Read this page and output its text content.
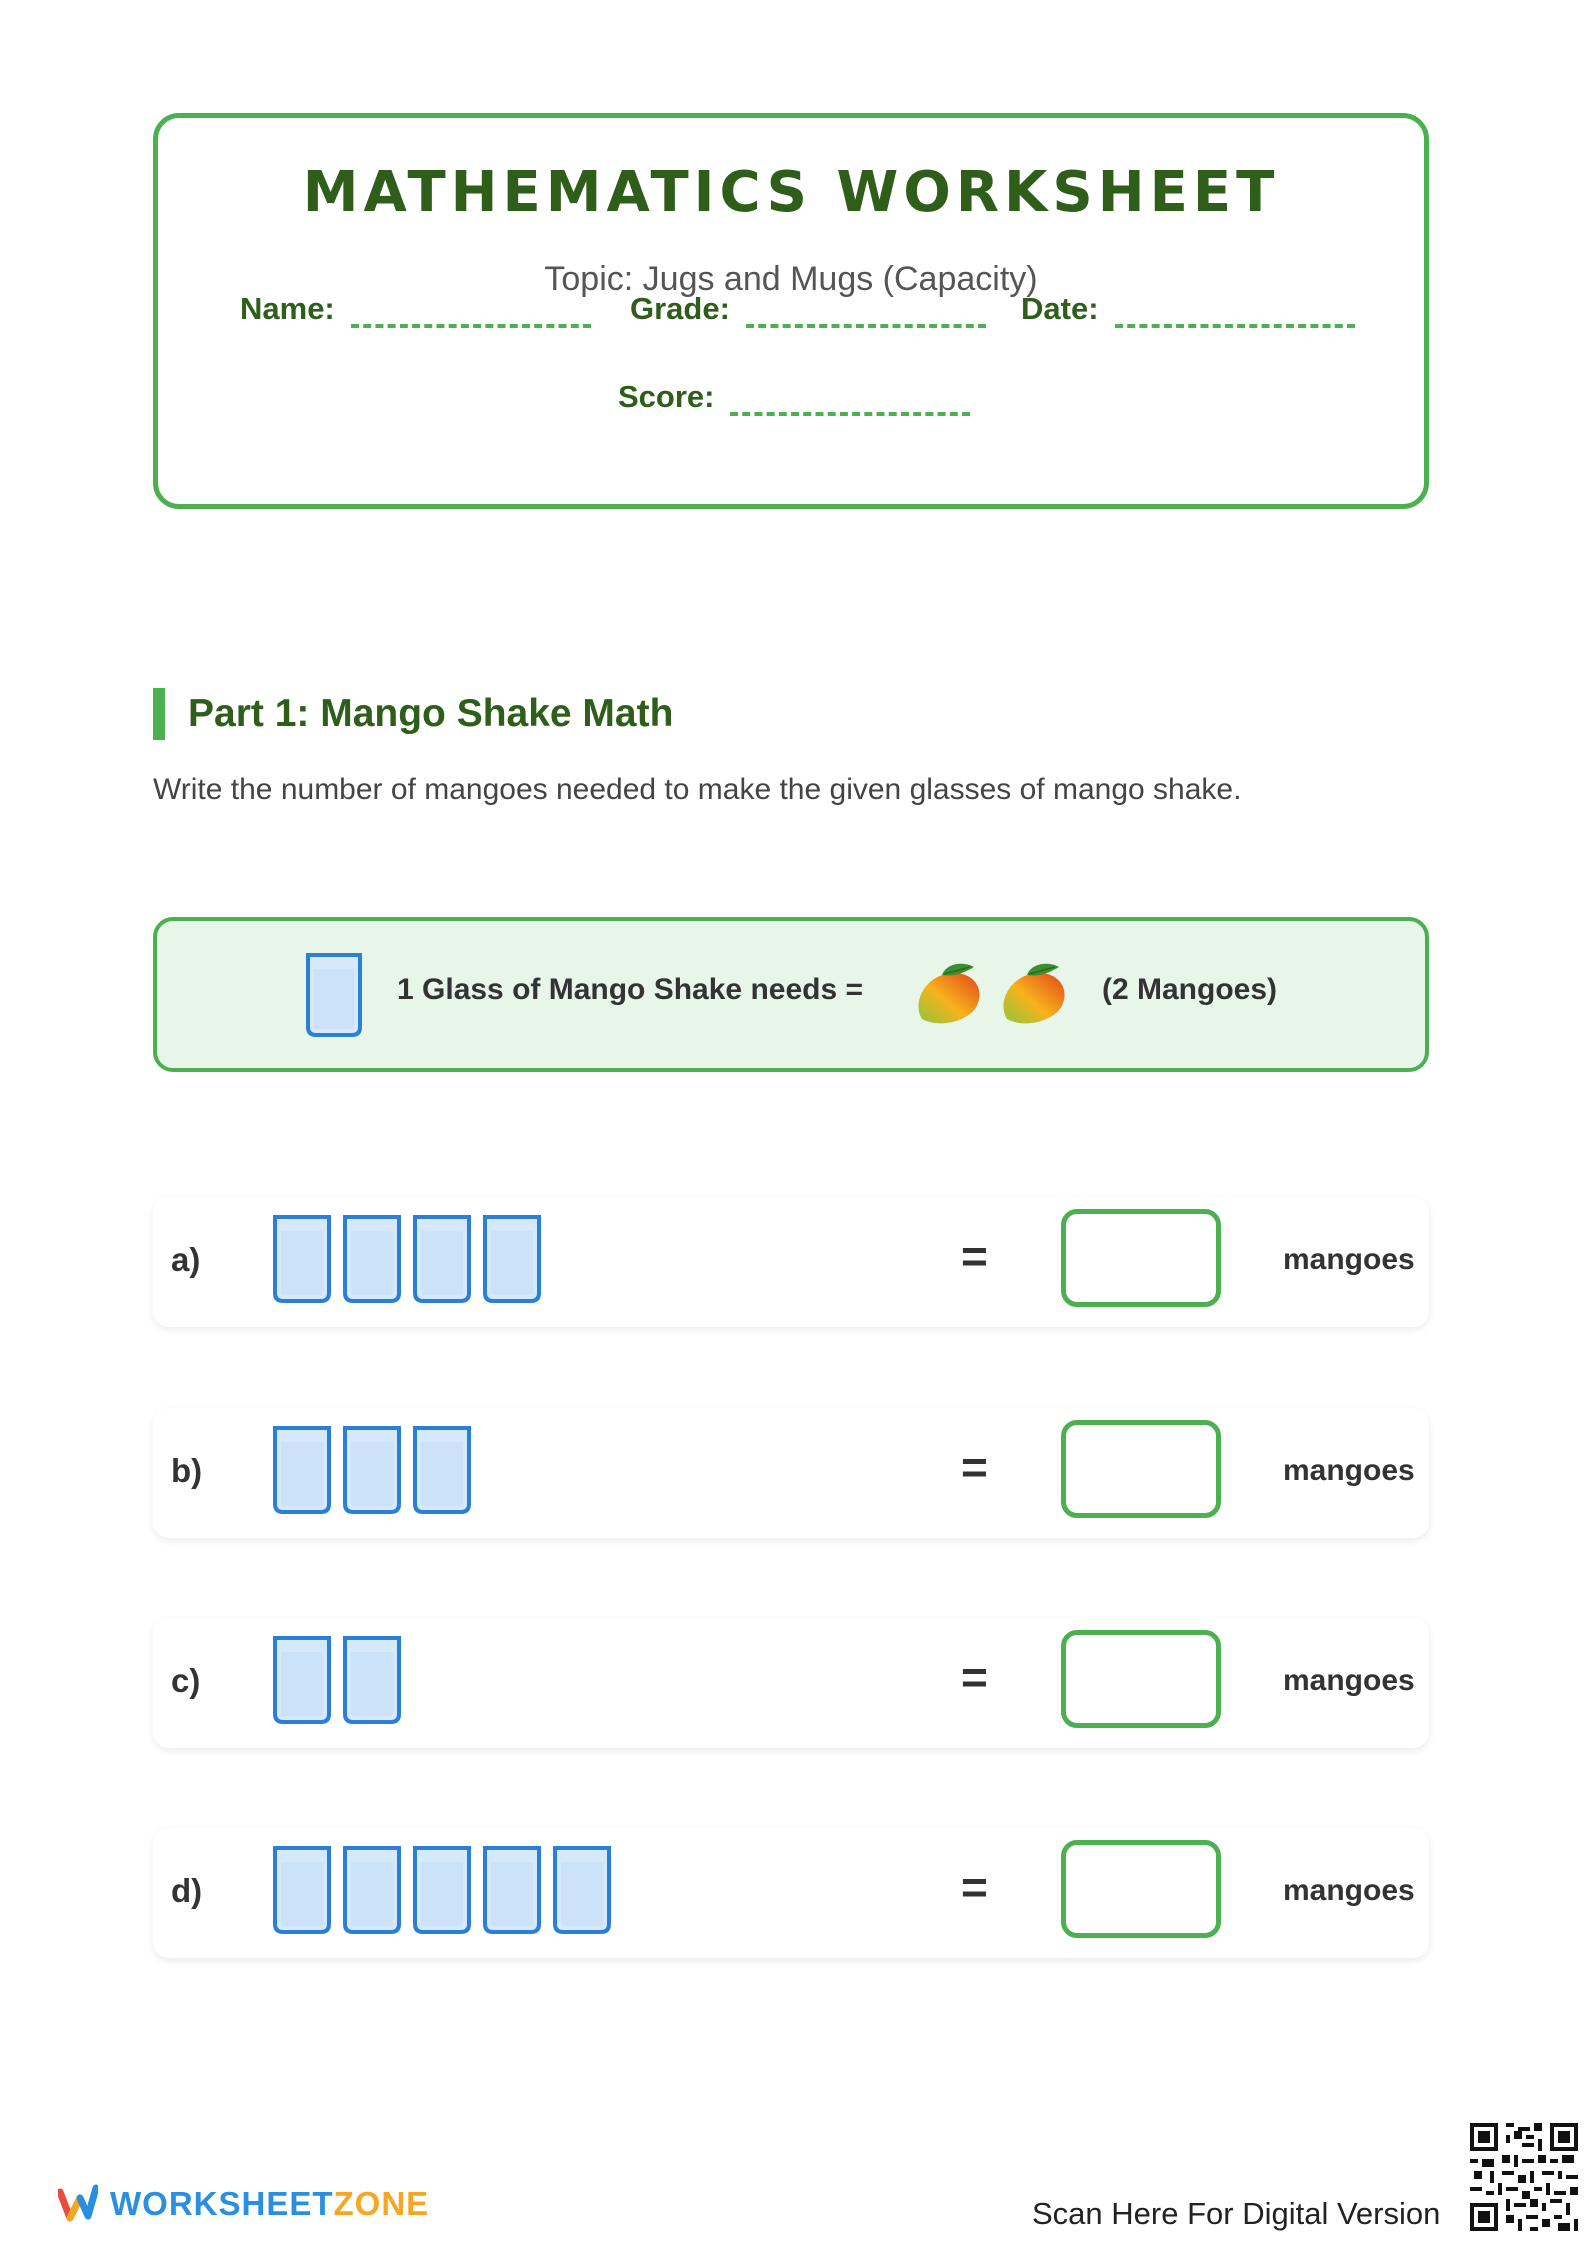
MATHEMATICS WORKSHEET
Topic: Jugs and Mugs (Capacity)
Name:	Grade:	Date:
Score:
Part 1: Mango Shake Math
Write the number of mangoes needed to make the given glasses of mango shake.
1 Glass of Mango Shake needs =	(2 Mangoes)
a)	=	mangoes
b)	=	mangoes
c)	=	mangoes
d)	=	mangoes
WORKSHEETZONE	Scan Here For Digital Version
